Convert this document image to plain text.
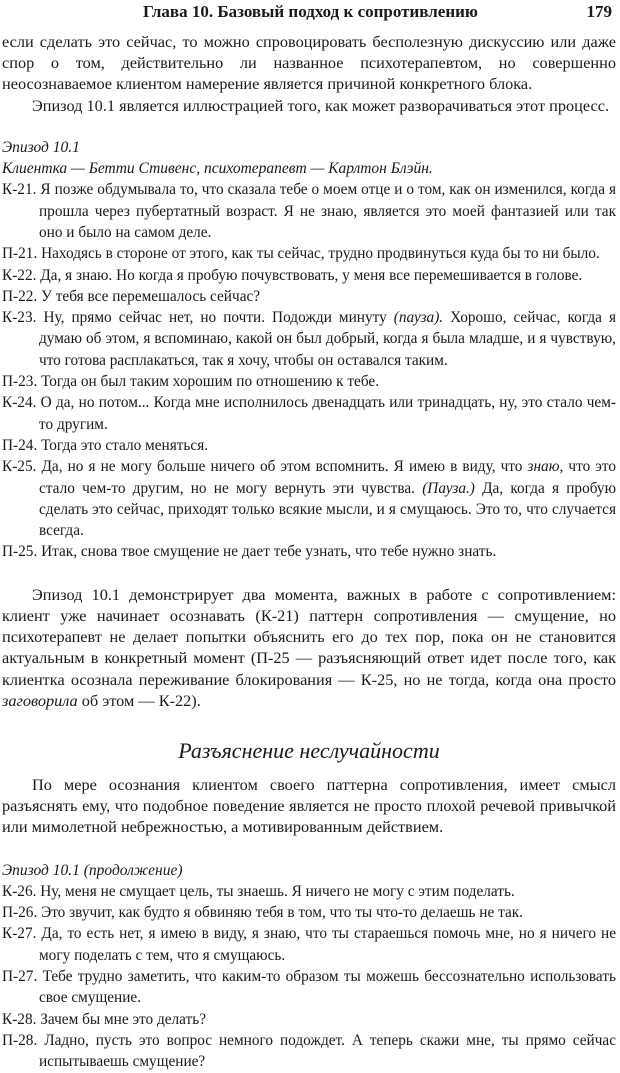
Глава 10. Базовый подход к сопротивлению	179

если сделать это сейчас, то можно спровоцировать бесполезную дискуссию или даже спор о том, действительно ли названное психотерапевтом, но совершенно неосознаваемое клиентом намерение является причиной конкретного блока.

Эпизод 10.1 является иллюстрацией того, как может разворачиваться этот процесс.

Эпизод 10.1
Клиентка — Бетти Стивенс, психотерапевт — Карлтон Блэйн.
К-21. Я позже обдумывала то, что сказала тебе о моем отце и о том, как он изменился, когда я прошла через пубертатный возраст. Я не знаю, является это моей фантазией или так оно и было на самом деле.
П-21. Находясь в стороне от этого, как ты сейчас, трудно продвинуться куда бы то ни было.
К-22. Да, я знаю. Но когда я пробую почувствовать, у меня все перемешивается в голове.
П-22. У тебя все перемешалось сейчас?
К-23. Ну, прямо сейчас нет, но почти. Подожди минуту (пауза). Хорошо, сейчас, когда я думаю об этом, я вспоминаю, какой он был добрый, когда я была младше, и я чувствую, что готова расплакаться, так я хочу, чтобы он оставался таким.
П-23. Тогда он был таким хорошим по отношению к тебе.
К-24. О да, но потом... Когда мне исполнилось двенадцать или тринадцать, ну, это стало чем-то другим.
П-24. Тогда это стало меняться.
К-25. Да, но я не могу больше ничего об этом вспомнить. Я имею в виду, что знаю, что это стало чем-то другим, но не могу вернуть эти чувства. (Пауза.) Да, когда я пробую сделать это сейчас, приходят только всякие мысли, и я смущаюсь. Это то, что случается всегда.
П-25. Итак, снова твое смущение не дает тебе узнать, что тебе нужно знать.

Эпизод 10.1 демонстрирует два момента, важных в работе с сопротивлением: клиент уже начинает осознавать (К-21) паттерн сопротивления — смущение, но психотерапевт не делает попытки объяснить его до тех пор, пока он не становится актуальным в конкретный момент (П-25 — разъясняющий ответ идет после того, как клиентка осознала переживание блокирования — К-25, но не тогда, когда она просто заговорила об этом — К-22).

Разъяснение неслучайности

По мере осознания клиентом своего паттерна сопротивления, имеет смысл разъяснять ему, что подобное поведение является не просто плохой речевой привычкой или мимолетной небрежностью, а мотивированным действием.

Эпизод 10.1 (продолжение)
К-26. Ну, меня не смущает цель, ты знаешь. Я ничего не могу с этим поделать.
П-26. Это звучит, как будто я обвиняю тебя в том, что ты что-то делаешь не так.
К-27. Да, то есть нет, я имею в виду, я знаю, что ты стараешься помочь мне, но я ничего не могу поделать с тем, что я смущаюсь.
П-27. Тебе трудно заметить, что каким-то образом ты можешь бессознательно использовать свое смущение.
К-28. Зачем бы мне это делать?
П-28. Ладно, пусть это вопрос немного подождет. А теперь скажи мне, ты прямо сейчас испытываешь смущение?
